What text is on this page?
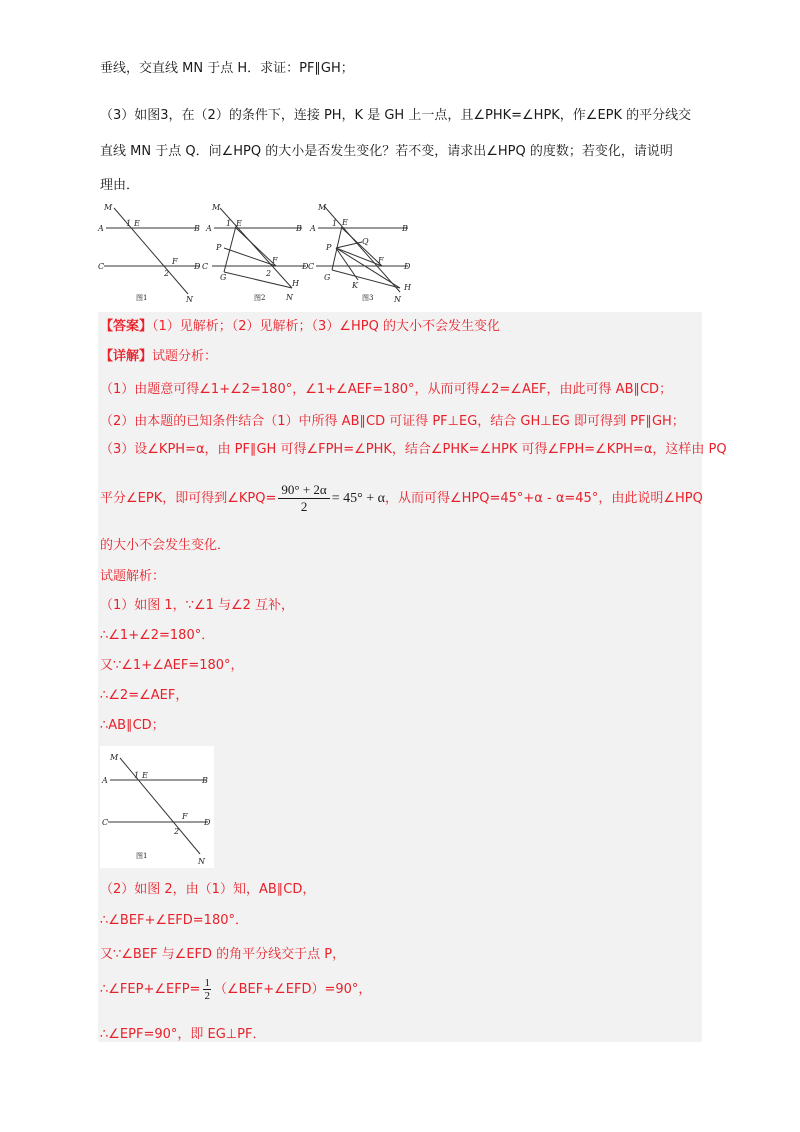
垂线，交直线 MN 于点 H．求证：PF∥GH；
（3）如图3，在（2）的条件下，连接 PH，K 是 GH 上一点，且∠PHK=∠HPK，作∠EPK 的平分线交
直线 MN 于点 Q．问∠HPQ 的大小是否发生变化？若不变，请求出∠HPQ 的度数；若变化，请说明
理由．
M
A
1 E
B
C
F
D
2
N
图1
M
A
1 E
B
P
C
F
D
G	2
H
N
图2
M
A
1 E
B
P
Q
C
F
D
G
K	H
N
图3
【答案】（1）见解析；（2）见解析；（3）∠HPQ 的大小不会发生变化
【详解】试题分析：
（1）由题意可得∠1+∠2=180°，∠1+∠AEF=180°，从而可得∠2=∠AEF，由此可得 AB∥CD；
（2）由本题的已知条件结合（1）中所得 AB∥CD 可证得 PF⊥EG，结合 GH⊥EG 即可得到 PF∥GH；
（3）设∠KPH=α，由 PF∥GH 可得∠FPH=∠PHK，结合∠PHK=∠HPK 可得∠FPH=∠KPH=α，这样由 PQ
平分∠EPK，即可得到∠KPQ= $\frac{90^\circ + 2\alpha}{2} = 45^\circ + \alpha$，从而可得∠HPQ=45°+α - α=45°，由此说明∠HPQ
的大小不会发生变化．
试题解析：
（1）如图 1，∵∠1 与∠2 互补，
∴∠1+∠2=180°．
又∵∠1+∠AEF=180°，
∴∠2=∠AEF，
∴AB∥CD；
M
A
1 E
B
C
F
D
2
N
图1
（2）如图 2，由（1）知，AB∥CD，
∴∠BEF+∠EFD=180°．
又∵∠BEF 与∠EFD 的角平分线交于点 P，
∴∠FEP+∠EFP= $\frac{1}{2}$ （∠BEF+∠EFD）=90°，
∴∠EPF=90°，即 EG⊥PF．
